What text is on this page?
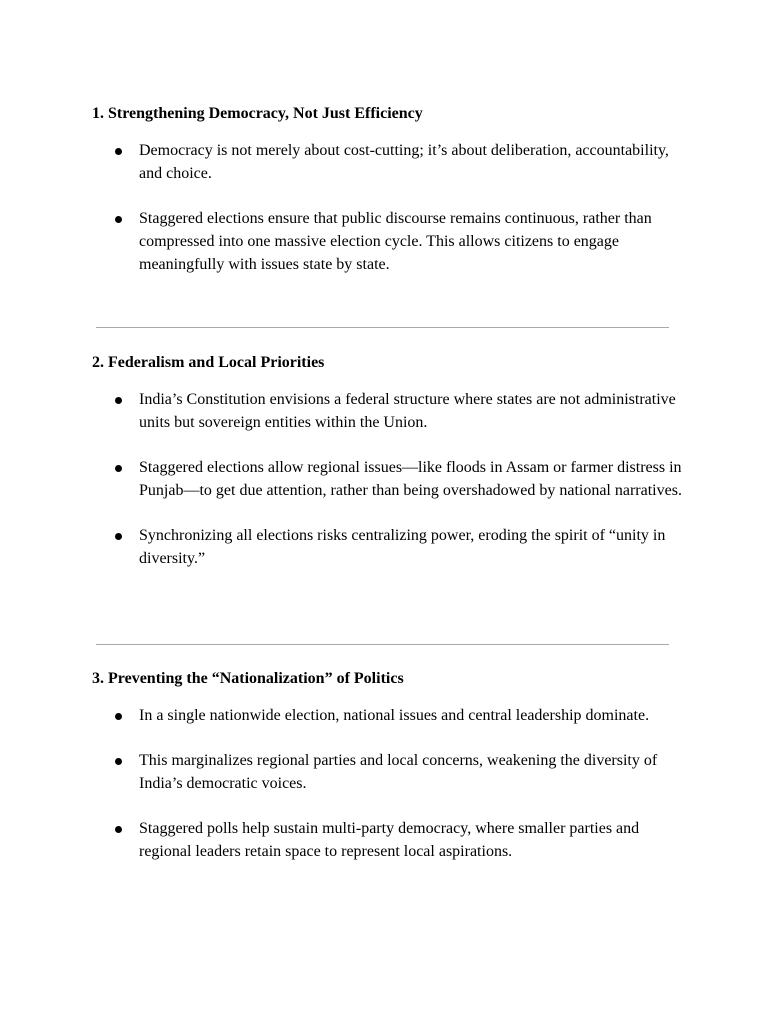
1. Strengthening Democracy, Not Just Efficiency
Democracy is not merely about cost-cutting; it’s about deliberation, accountability, and choice.
Staggered elections ensure that public discourse remains continuous, rather than compressed into one massive election cycle. This allows citizens to engage meaningfully with issues state by state.
2. Federalism and Local Priorities
India’s Constitution envisions a federal structure where states are not administrative units but sovereign entities within the Union.
Staggered elections allow regional issues—like floods in Assam or farmer distress in Punjab—to get due attention, rather than being overshadowed by national narratives.
Synchronizing all elections risks centralizing power, eroding the spirit of “unity in diversity.”
3. Preventing the “Nationalization” of Politics
In a single nationwide election, national issues and central leadership dominate.
This marginalizes regional parties and local concerns, weakening the diversity of India’s democratic voices.
Staggered polls help sustain multi-party democracy, where smaller parties and regional leaders retain space to represent local aspirations.
